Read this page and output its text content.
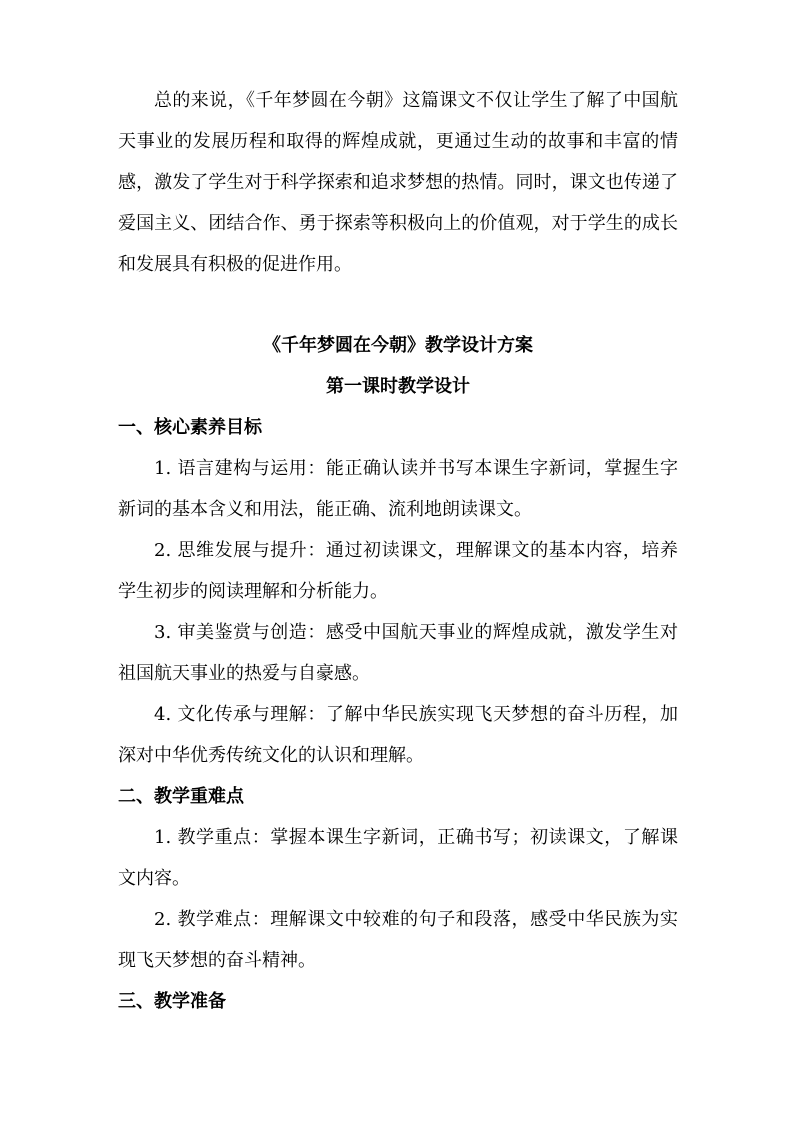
总的来说，《千年梦圆在今朝》这篇课文不仅让学生了解了中国航天事业的发展历程和取得的辉煌成就，更通过生动的故事和丰富的情感，激发了学生对于科学探索和追求梦想的热情。同时，课文也传递了爱国主义、团结合作、勇于探索等积极向上的价值观，对于学生的成长和发展具有积极的促进作用。

《千年梦圆在今朝》教学设计方案

第一课时教学设计

一、核心素养目标

1. 语言建构与运用：能正确认读并书写本课生字新词，掌握生字新词的基本含义和用法，能正确、流利地朗读课文。

2. 思维发展与提升：通过初读课文，理解课文的基本内容，培养学生初步的阅读理解和分析能力。

3. 审美鉴赏与创造：感受中国航天事业的辉煌成就，激发学生对祖国航天事业的热爱与自豪感。

4. 文化传承与理解：了解中华民族实现飞天梦想的奋斗历程，加深对中华优秀传统文化的认识和理解。

二、教学重难点

1. 教学重点：掌握本课生字新词，正确书写；初读课文，了解课文内容。

2. 教学难点：理解课文中较难的句子和段落，感受中华民族为实现飞天梦想的奋斗精神。

三、教学准备
